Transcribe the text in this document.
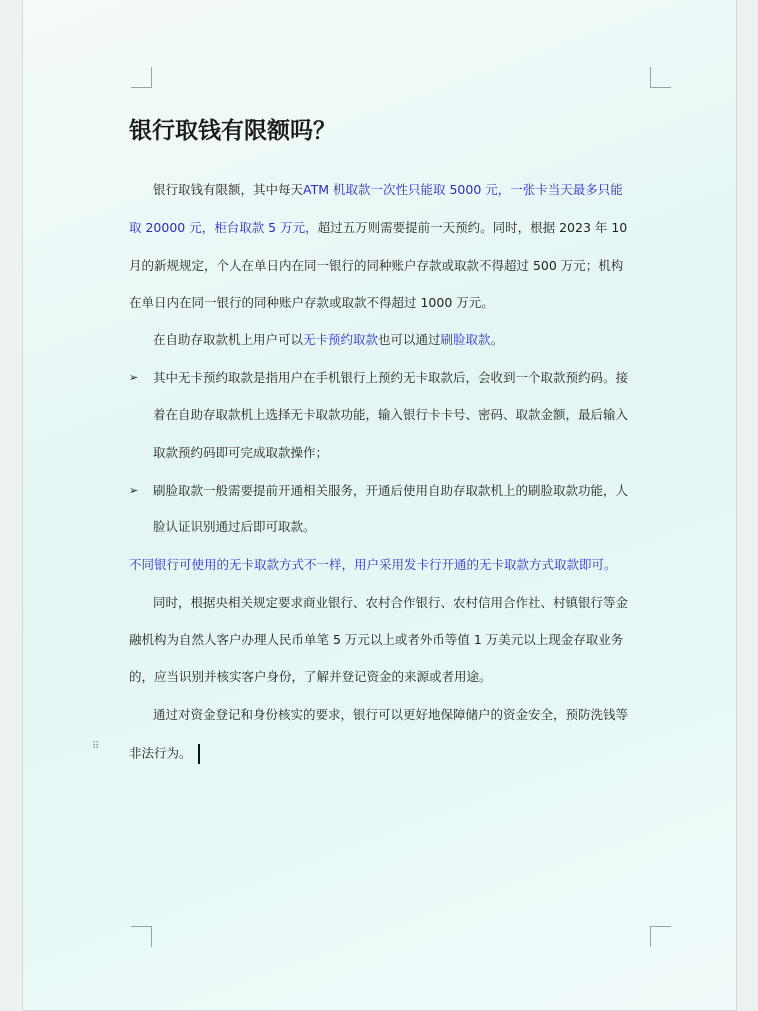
银行取钱有限额吗？
银行取钱有限额，其中每天ATM 机取款一次性只能取 5000 元，一张卡当天最多只能
取 20000 元，柜台取款 5 万元，超过五万则需要提前一天预约。同时，根据 2023 年 10
月的新规规定，个人在单日内在同一银行的同种账户存款或取款不得超过 500 万元；机构
在单日内在同一银行的同种账户存款或取款不得超过 1000 万元。
在自助存取款机上用户可以无卡预约取款也可以通过刷脸取款。
➢ 其中无卡预约取款是指用户在手机银行上预约无卡取款后，会收到一个取款预约码。接
着在自助存取款机上选择无卡取款功能，输入银行卡卡号、密码、取款金额，最后输入
取款预约码即可完成取款操作；
➢ 刷脸取款一般需要提前开通相关服务，开通后使用自助存取款机上的刷脸取款功能，人
脸认证识别通过后即可取款。
不同银行可使用的无卡取款方式不一样，用户采用发卡行开通的无卡取款方式取款即可。
同时，根据央相关规定要求商业银行、农村合作银行、农村信用合作社、村镇银行等金
融机构为自然人客户办理人民币单笔 5 万元以上或者外币等值 1 万美元以上现金存取业务
的，应当识别并核实客户身份，了解并登记资金的来源或者用途。
通过对资金登记和身份核实的要求，银行可以更好地保障储户的资金安全，预防洗钱等
⠿ 非法行为。
